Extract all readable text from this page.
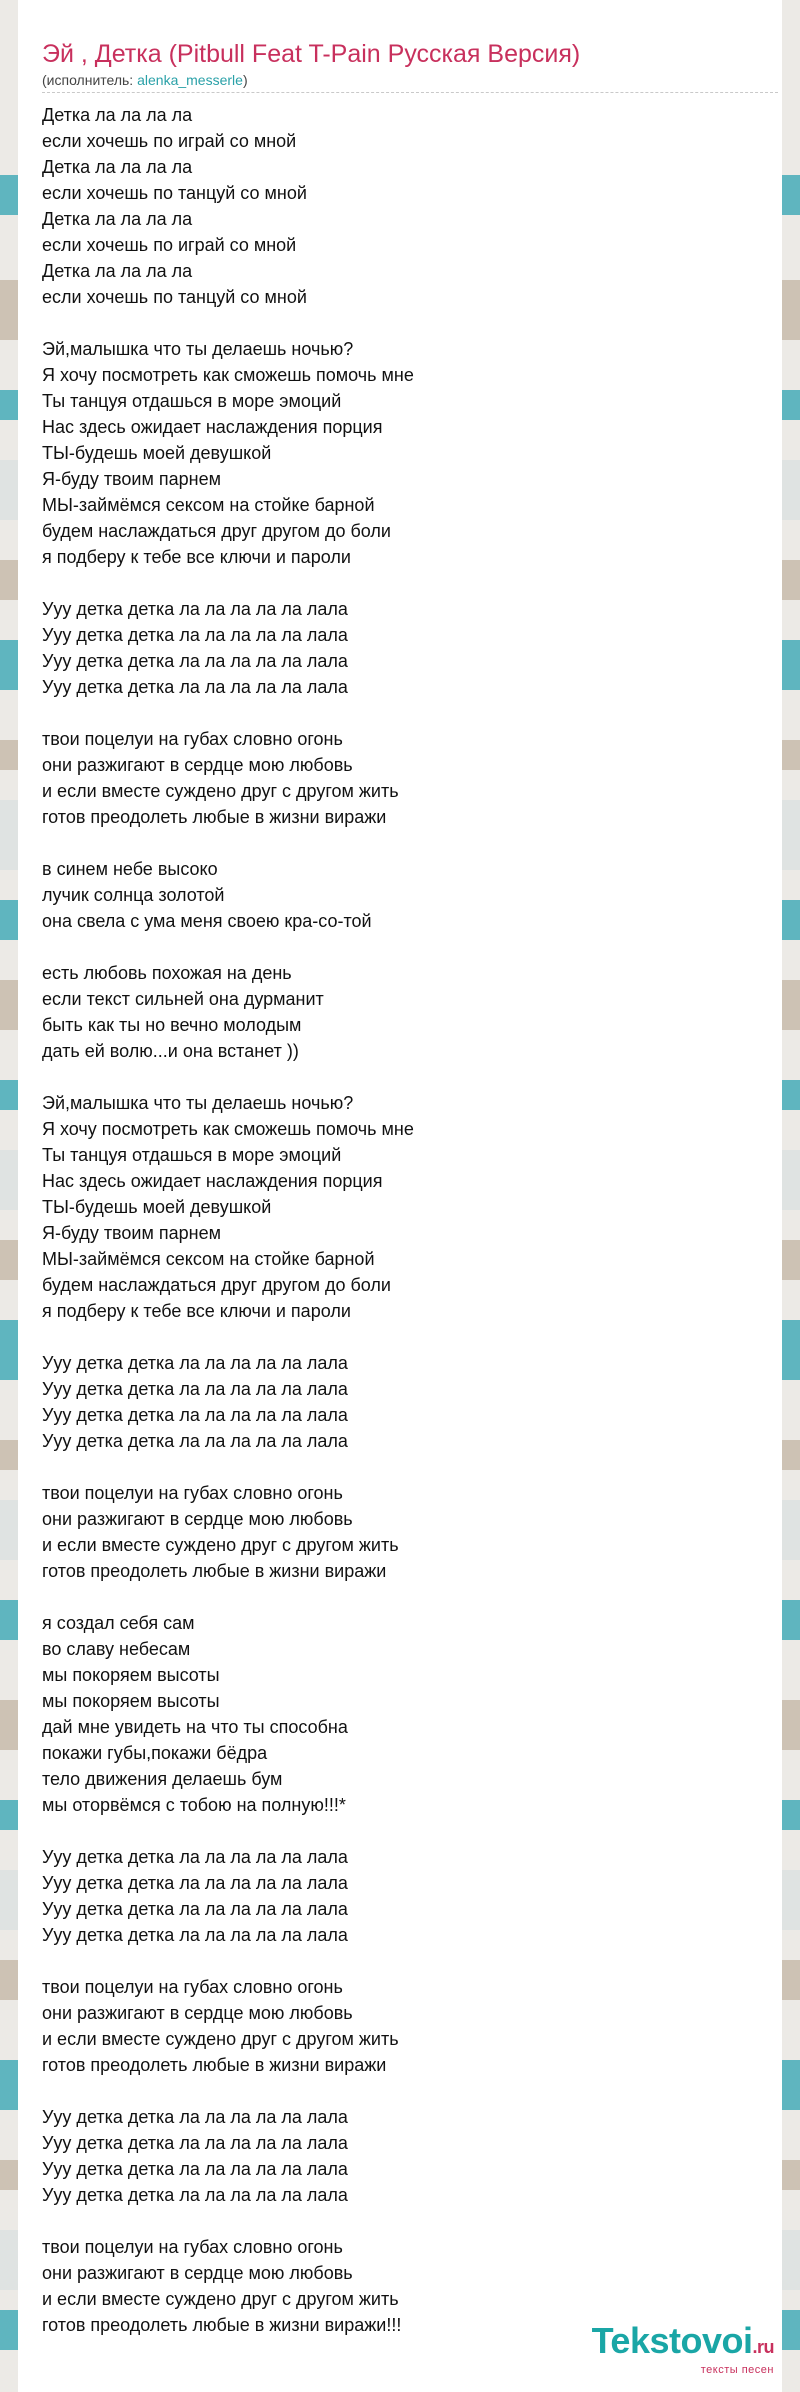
Эй , Детка (Pitbull Feat T-Pain Русская Версия)
(исполнитель: alenka_messerle)
Детка ла ла ла ла
если хочешь по играй со мной
Детка ла ла ла ла
если хочешь по танцуй со мной
Детка ла ла ла ла
если хочешь по играй со мной
Детка ла ла ла ла
если хочешь по танцуй со мной
Эй,малышка что ты делаешь ночью?
Я хочу посмотреть как сможешь помочь мне
Ты танцуя отдашься в море эмоций
Нас здесь ожидает наслаждения порция
ТЫ-будешь моей девушкой
Я-буду твоим парнем
МЫ-займёмся сексом на стойке барной
будем наслаждаться друг другом до боли
я подберу к тебе все ключи и пароли
Ууу детка детка ла ла ла ла ла лала
Ууу детка детка ла ла ла ла ла лала
Ууу детка детка ла ла ла ла ла лала
Ууу детка детка ла ла ла ла ла лала
твои поцелуи на губах словно огонь
они разжигают в сердце мою любовь
и если вместе суждено друг с другом жить
готов преодолеть любые в жизни виражи
в синем небе высоко
лучик солнца золотой
она свела с ума меня своею кра-со-той
есть любовь похожая на день
если текст сильней она дурманит
быть как ты но вечно молодым
дать ей волю...и она встанет ))
Эй,малышка что ты делаешь ночью?
Я хочу посмотреть как сможешь помочь мне
Ты танцуя отдашься в море эмоций
Нас здесь ожидает наслаждения порция
ТЫ-будешь моей девушкой
Я-буду твоим парнем
МЫ-займёмся сексом на стойке барной
будем наслаждаться друг другом до боли
я подберу к тебе все ключи и пароли
Ууу детка детка ла ла ла ла ла лала
Ууу детка детка ла ла ла ла ла лала
Ууу детка детка ла ла ла ла ла лала
Ууу детка детка ла ла ла ла ла лала
твои поцелуи на губах словно огонь
они разжигают в сердце мою любовь
и если вместе суждено друг с другом жить
готов преодолеть любые в жизни виражи
я создал себя сам
во славу небесам
мы покоряем высоты
мы покоряем высоты
дай мне увидеть на что ты способна
покажи губы,покажи бёдра
тело движения делаешь бум
мы оторвёмся с тобою на полную!!!*
Ууу детка детка ла ла ла ла ла лала
Ууу детка детка ла ла ла ла ла лала
Ууу детка детка ла ла ла ла ла лала
Ууу детка детка ла ла ла ла ла лала
твои поцелуи на губах словно огонь
они разжигают в сердце мою любовь
и если вместе суждено друг с другом жить
готов преодолеть любые в жизни виражи
Ууу детка детка ла ла ла ла ла лала
Ууу детка детка ла ла ла ла ла лала
Ууу детка детка ла ла ла ла ла лала
Ууу детка детка ла ла ла ла ла лала
твои поцелуи на губах словно огонь
они разжигают в сердце мою любовь
и если вместе суждено друг с другом жить
готов преодолеть любые в жизни виражи!!!	Tekstovoi.ru
тексты песен
